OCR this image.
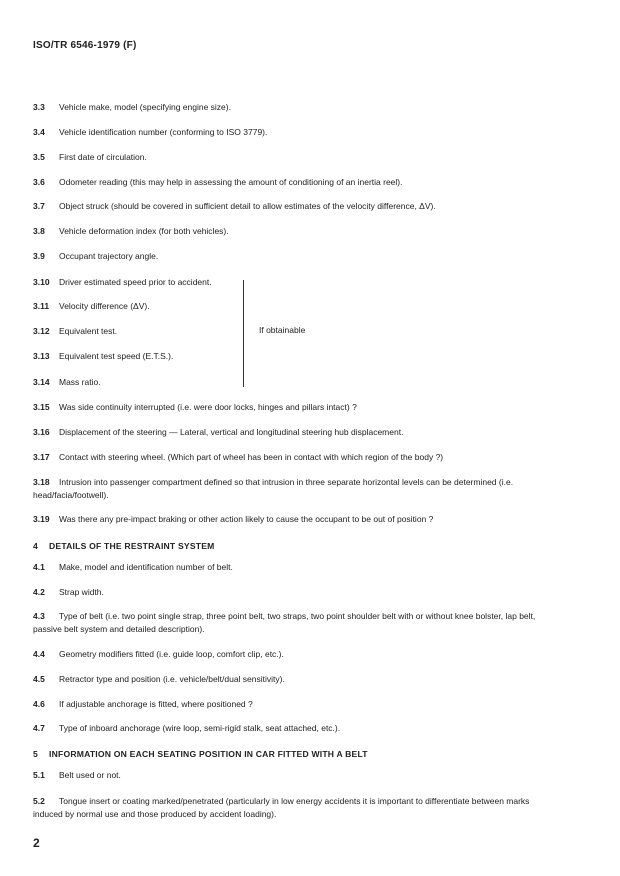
ISO/TR 6546-1979 (F)
3.3 Vehicle make, model (specifying engine size).
3.4 Vehicle identification number (conforming to ISO 3779).
3.5 First date of circulation.
3.6 Odometer reading (this may help in assessing the amount of conditioning of an inertia reel).
3.7 Object struck (should be covered in sufficient detail to allow estimates of the velocity difference, ΔV).
3.8 Vehicle deformation index (for both vehicles).
3.9 Occupant trajectory angle.
3.10 Driver estimated speed prior to accident.
3.11 Velocity difference (ΔV).
3.12 Equivalent test.
3.13 Equivalent test speed (E.T.S.).
3.14 Mass ratio.
If obtainable
3.15 Was side continuity interrupted (i.e. were door locks, hinges and pillars intact) ?
3.16 Displacement of the steering — Lateral, vertical and longitudinal steering hub displacement.
3.17 Contact with steering wheel. (Which part of wheel has been in contact with which region of the body ?)
3.18 Intrusion into passenger compartment defined so that intrusion in three separate horizontal levels can be determined (i.e. head/facia/footwell).
3.19 Was there any pre-impact braking or other action likely to cause the occupant to be out of position ?
4 DETAILS OF THE RESTRAINT SYSTEM
4.1 Make, model and identification number of belt.
4.2 Strap width.
4.3 Type of belt (i.e. two point single strap, three point belt, two straps, two point shoulder belt with or without knee bolster, lap belt, passive belt system and detailed description).
4.4 Geometry modifiers fitted (i.e. guide loop, comfort clip, etc.).
4.5 Retractor type and position (i.e. vehicle/belt/dual sensitivity).
4.6 If adjustable anchorage is fitted, where positioned ?
4.7 Type of inboard anchorage (wire loop, semi-rigid stalk, seat attached, etc.).
5 INFORMATION ON EACH SEATING POSITION IN CAR FITTED WITH A BELT
5.1 Belt used or not.
5.2 Tongue insert or coating marked/penetrated (particularly in low energy accidents it is important to differentiate between marks induced by normal use and those produced by accident loading).
2
